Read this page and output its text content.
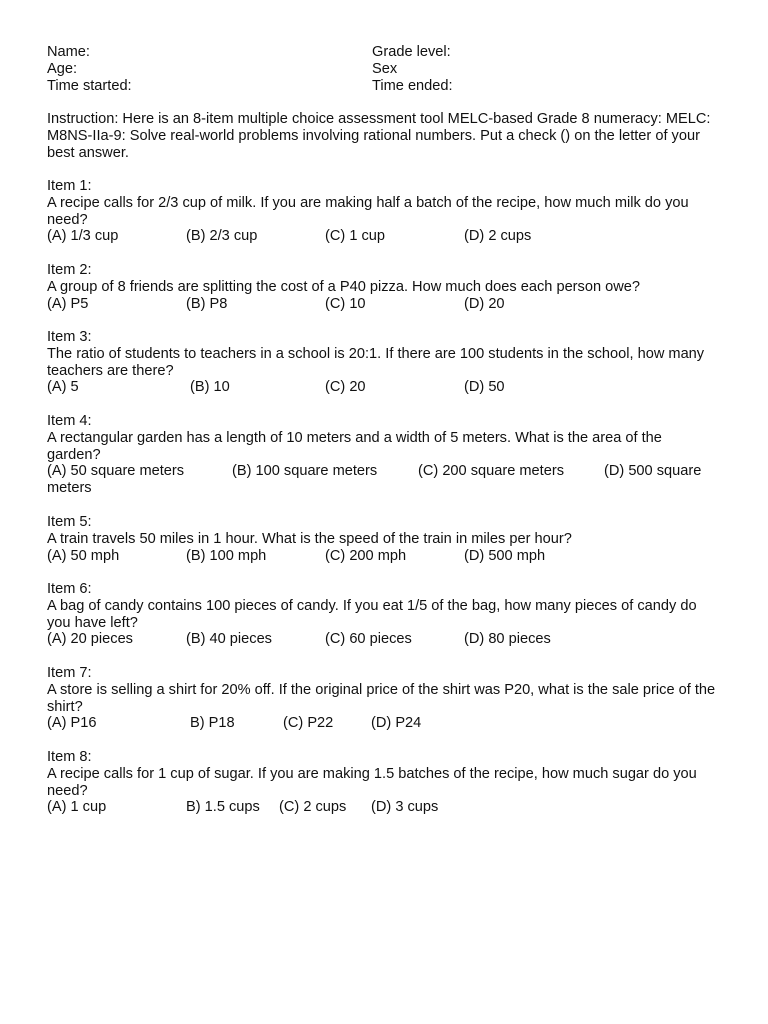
Name:	Grade level:
Age:	Sex
Time started:	Time ended:

Instruction: Here is an 8-item multiple choice assessment tool MELC-based Grade 8 numeracy: MELC: M8NS-IIa-9: Solve real-world problems involving rational numbers. Put a check () on the letter of your best answer.

Item 1:

A recipe calls for 2/3 cup of milk. If you are making half a batch of the recipe, how much milk do you need?

(A) 1/3 cup	(B) 2/3 cup	(C) 1 cup	(D) 2 cups

Item 2:

A group of 8 friends are splitting the cost of a P40 pizza. How much does each person owe?

(A) P5	(B) P8	(C) 10	(D) 20

Item 3:

The ratio of students to teachers in a school is 20:1. If there are 100 students in the school, how many teachers are there?

(A) 5	(B) 10	(C) 20	(D) 50

Item 4:

A rectangular garden has a length of 10 meters and a width of 5 meters. What is the area of the garden?

(A) 50 square meters	(B) 100 square meters	(C) 200 square meters	(D) 500 square

meters

Item 5:

A train travels 50 miles in 1 hour. What is the speed of the train in miles per hour?

(A) 50 mph	(B) 100 mph	(C) 200 mph	(D) 500 mph

Item 6:

A bag of candy contains 100 pieces of candy. If you eat 1/5 of the bag, how many pieces of candy do you have left?

(A) 20 pieces	(B) 40 pieces	(C) 60 pieces	(D) 80 pieces

Item 7:

A store is selling a shirt for 20% off. If the original price of the shirt was P20, what is the sale price of the shirt?

(A) P16	B) P18	(C) P22	(D) P24

Item 8:

A recipe calls for 1 cup of sugar. If you are making 1.5 batches of the recipe, how much sugar do you need?

(A) 1 cup	B) 1.5 cups (C) 2 cups (D) 3 cups
